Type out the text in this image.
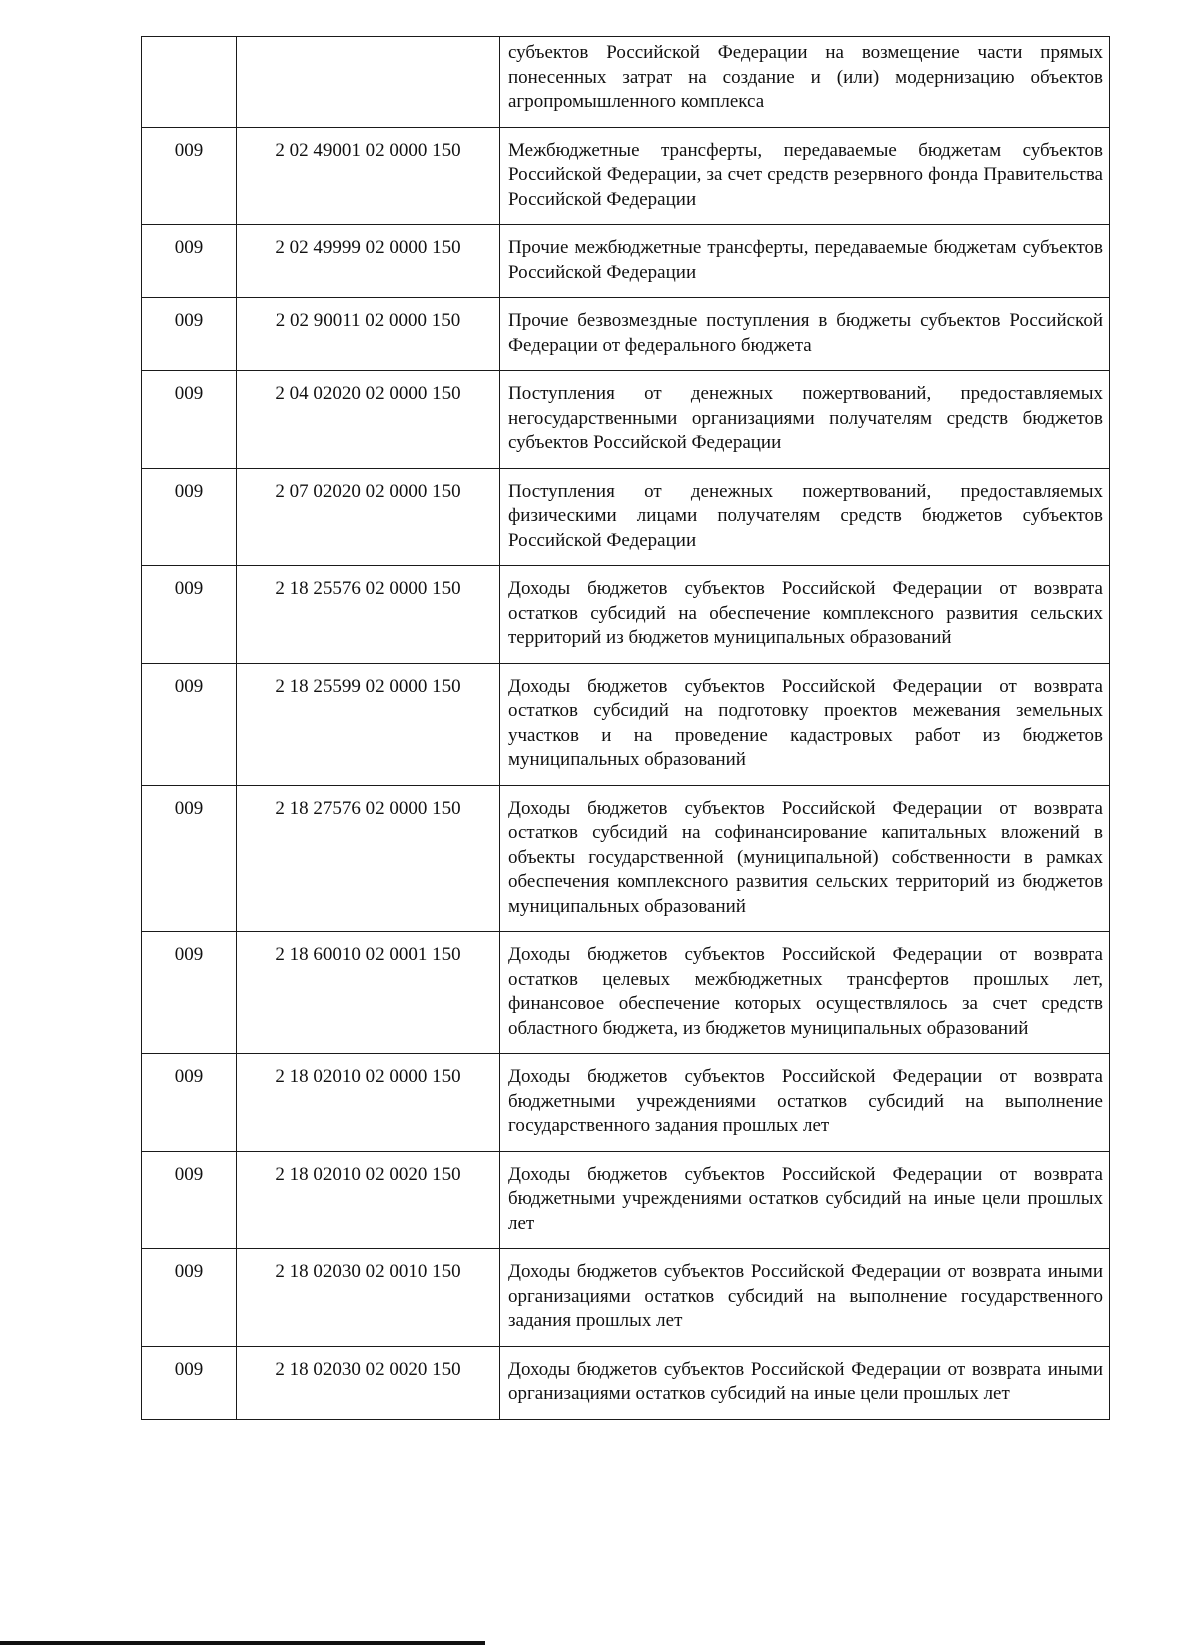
		субъектов Российской Федерации на возмещение части прямых понесенных затрат на создание и (или) модернизацию объектов агропромышленного комплекса
009	2 02 49001 02 0000 150	Межбюджетные трансферты, передаваемые бюджетам субъектов Российской Федерации, за счет средств резервного фонда Правительства Российской Федерации
009	2 02 49999 02 0000 150	Прочие межбюджетные трансферты, передаваемые бюджетам субъектов Российской Федерации
009	2 02 90011 02 0000 150	Прочие безвозмездные поступления в бюджеты субъектов Российской Федерации от федерального бюджета
009	2 04 02020 02 0000 150	Поступления от денежных пожертвований, предоставляемых негосударственными организациями получателям средств бюджетов субъектов Российской Федерации
009	2 07 02020 02 0000 150	Поступления от денежных пожертвований, предоставляемых физическими лицами получателям средств бюджетов субъектов Российской Федерации
009	2 18 25576 02 0000 150	Доходы бюджетов субъектов Российской Федерации от возврата остатков субсидий на обеспечение комплексного развития сельских территорий из бюджетов муниципальных образований
009	2 18 25599 02 0000 150	Доходы бюджетов субъектов Российской Федерации от возврата остатков субсидий на подготовку проектов межевания земельных участков и на проведение кадастровых работ из бюджетов муниципальных образований
009	2 18 27576 02 0000 150	Доходы бюджетов субъектов Российской Федерации от возврата остатков субсидий на софинансирование капитальных вложений в объекты государственной (муниципальной) собственности в рамках обеспечения комплексного развития сельских территорий из бюджетов муниципальных образований
009	2 18 60010 02 0001 150	Доходы бюджетов субъектов Российской Федерации от возврата остатков целевых межбюджетных трансфертов прошлых лет, финансовое обеспечение которых осуществлялось за счет средств областного бюджета, из бюджетов муниципальных образований
009	2 18 02010 02 0000 150	Доходы бюджетов субъектов Российской Федерации от возврата бюджетными учреждениями остатков субсидий на выполнение государственного задания прошлых лет
009	2 18 02010 02 0020 150	Доходы бюджетов субъектов Российской Федерации от возврата бюджетными учреждениями остатков субсидий на иные цели прошлых лет
009	2 18 02030 02 0010 150	Доходы бюджетов субъектов Российской Федерации от возврата иными организациями остатков субсидий на выполнение государственного задания прошлых лет
009	2 18 02030 02 0020 150	Доходы бюджетов субъектов Российской Федерации от возврата иными организациями остатков субсидий на иные цели прошлых лет
